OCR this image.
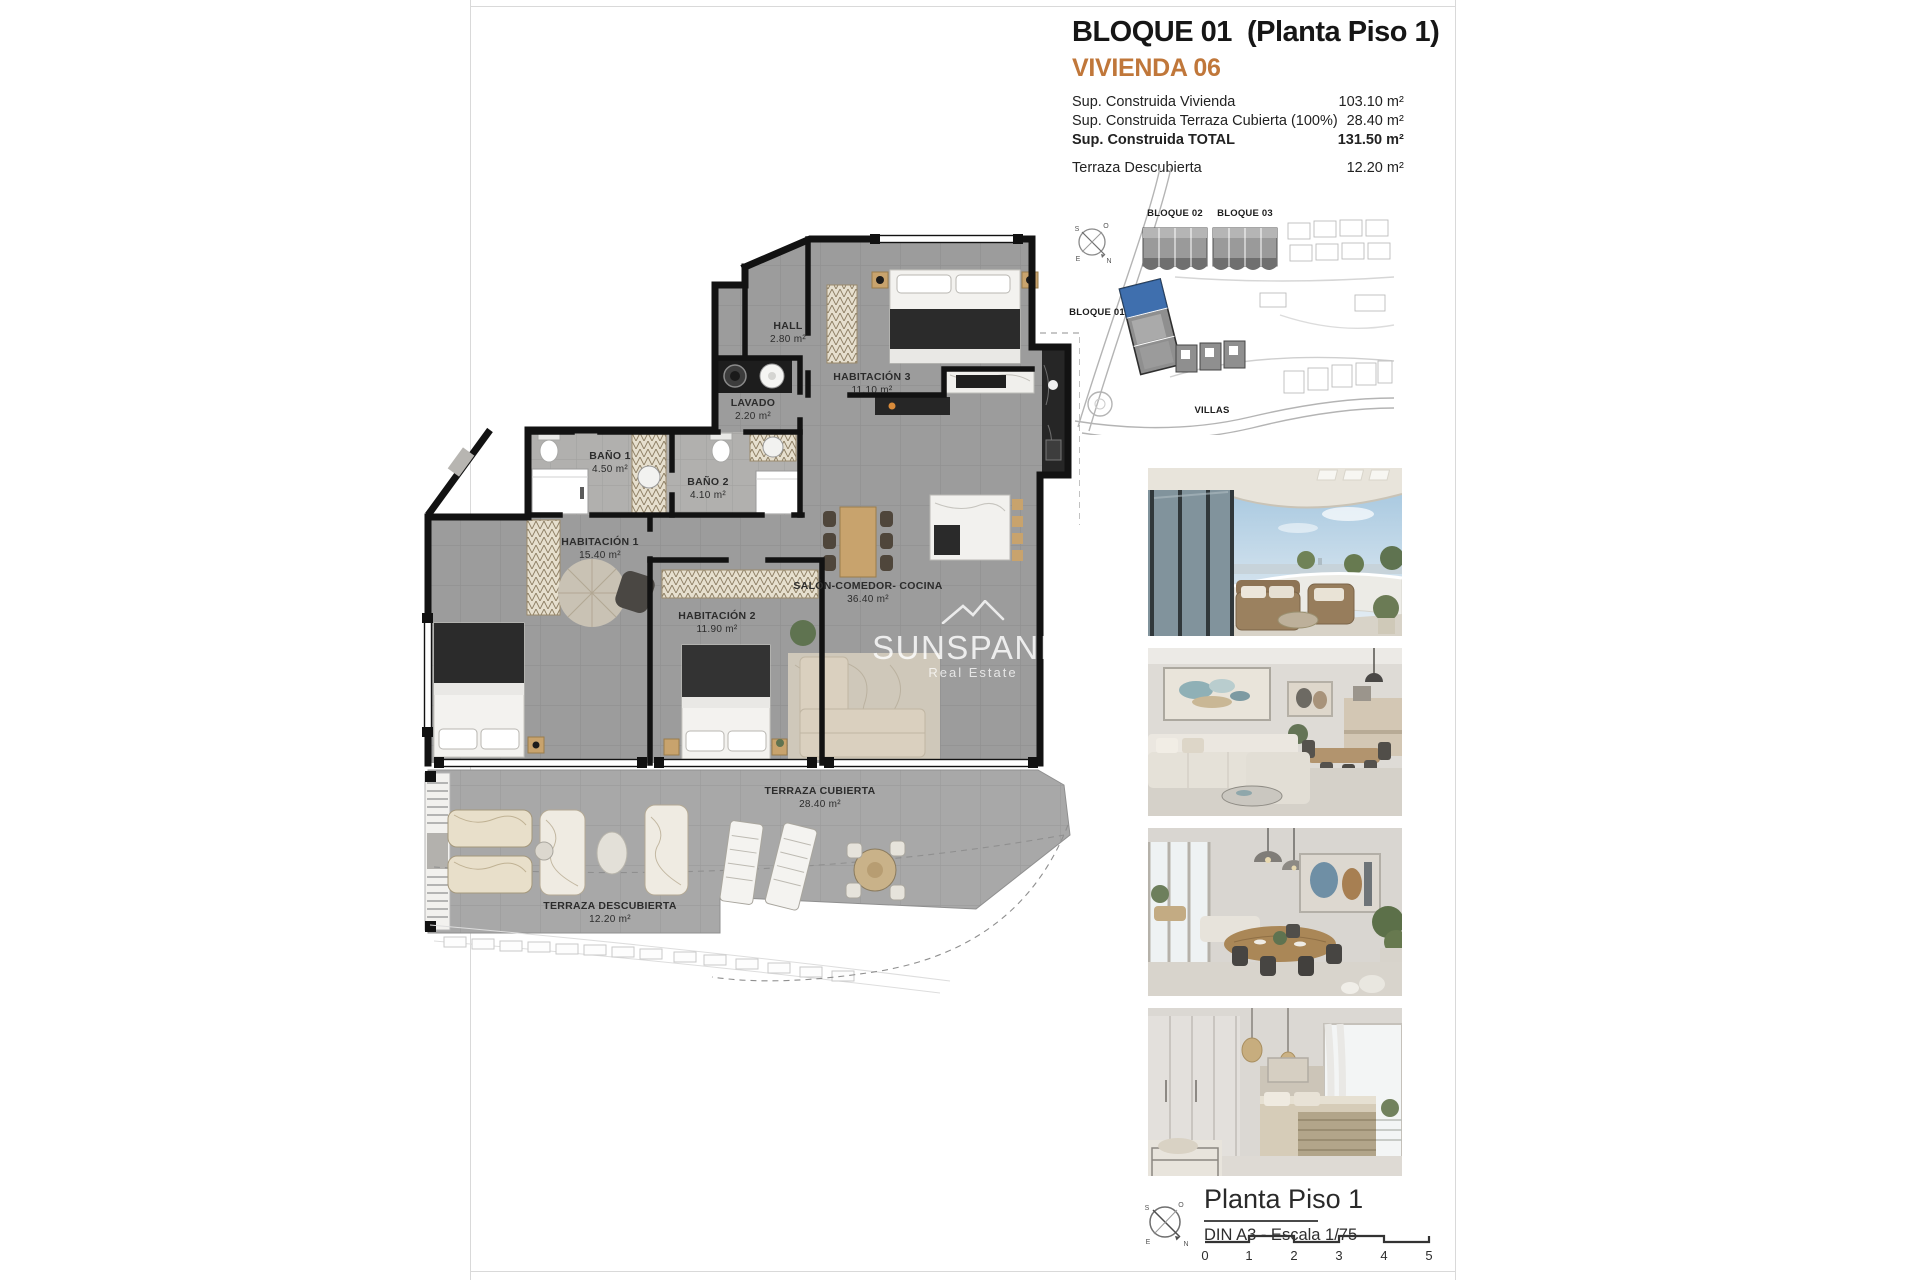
BLOQUE 01  (Planta Piso 1)
VIVIENDA 06
Sup. Construida Vivienda	103.10 m²
Sup. Construida Terraza Cubierta (100%)	28.40 m²
Sup. Construida TOTAL	131.50 m²
Terraza Descubierta	12.20 m²
O
S
N
E
BLOQUE 02 BLOQUE 03
BLOQUE 01
VILLAS
HALL
2.80 m²
LAVADO
2.20 m²
HABITACIÓN 3
11.10 m²
BAÑO 1
4.50 m²
BAÑO 2
4.10 m²
HABITACIÓN 1
15.40 m²
HABITACIÓN 2
11.90 m²
SALÓN-COMEDOR- COCINA
36.40 m²
TERRAZA CUBIERTA
28.40 m²
TERRAZA DESCUBIERTA
12.20 m²
SUNSPANIA
Real Estate
O
S
N
E
Planta Piso 1
DIN A3 - Escala 1/75
0	1	2	3	4	5
